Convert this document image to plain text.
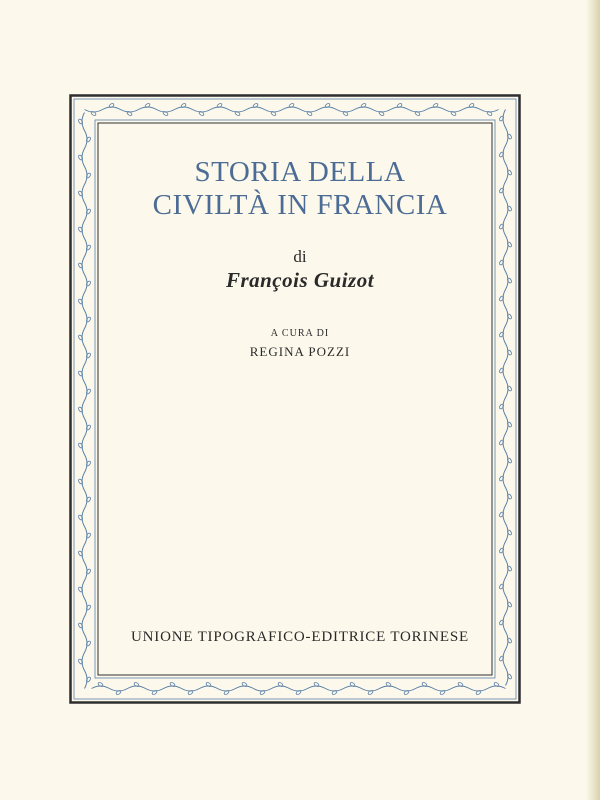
STORIA DELLA
CIVILTÀ IN FRANCIA
di
François Guizot
A CURA DI
REGINA POZZI
UNIONE TIPOGRAFICO-EDITRICE TORINESE
